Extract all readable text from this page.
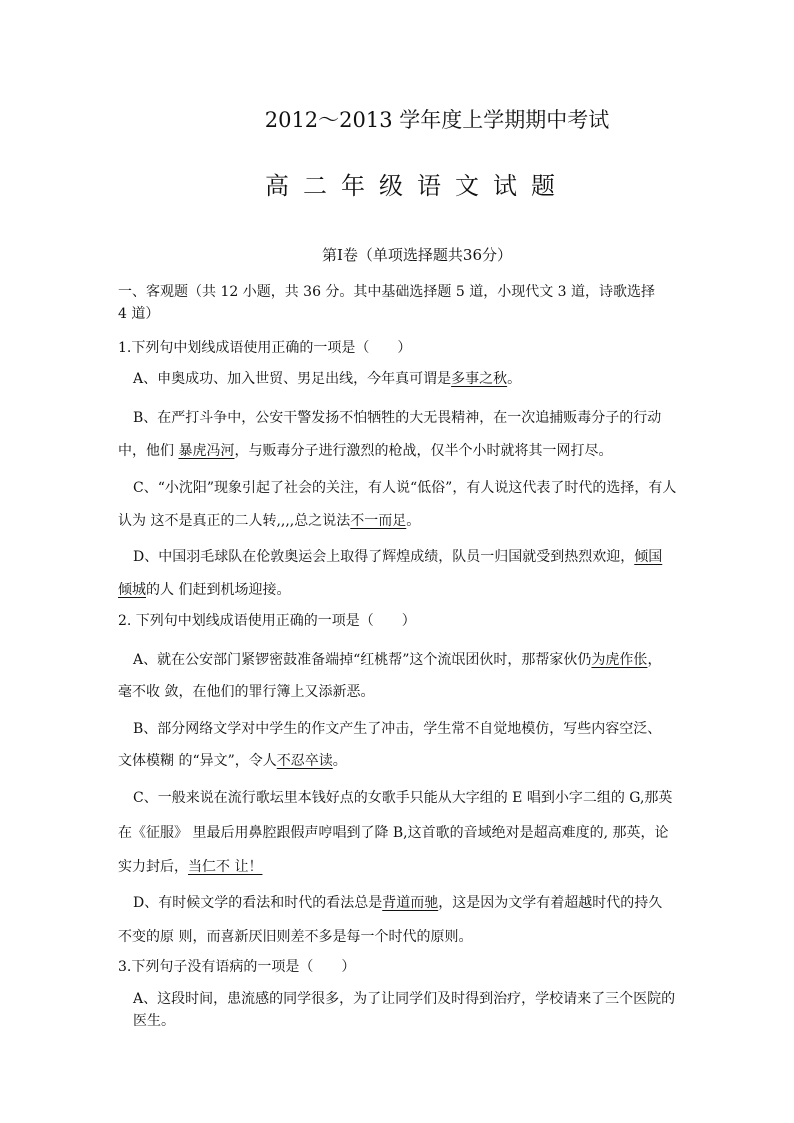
2012～2013 学年度上学期期中考试
高二年级语文试题
第Ⅰ卷（单项选择题共36分）
一、客观题（共 12 小题，共 36 分。其中基础选择题 5 道，小现代文 3 道，诗歌选择
4 道）
1.下列句中划线成语使用正确的一项是（　　）
A、申奥成功、加入世贸、男足出线，今年真可谓是多事之秋。
B、在严打斗争中，公安干警发扬不怕牺牲的大无畏精神，在一次追捕贩毒分子的行动
中，他们 暴虎冯河，与贩毒分子进行激烈的枪战，仅半个小时就将其一网打尽。
C、“小沈阳”现象引起了社会的关注，有人说“低俗”，有人说这代表了时代的选择，有人
认为 这不是真正的二人转,,,,总之说法不一而足。
D、中国羽毛球队在伦敦奥运会上取得了辉煌成绩，队员一归国就受到热烈欢迎，倾国
倾城的人 们赶到机场迎接。
2. 下列句中划线成语使用正确的一项是（　　）
A、就在公安部门紧锣密鼓准备端掉“红桃帮”这个流氓团伙时，那帮家伙仍为虎作伥，
毫不收 敛，在他们的罪行簿上又添新恶。
B、部分网络文学对中学生的作文产生了冲击，学生常不自觉地模仿，写些内容空泛、
文体模糊 的“异文”，令人不忍卒读。
C、一般来说在流行歌坛里本钱好点的女歌手只能从大字组的 E 唱到小字二组的 G,那英
在《征服》 里最后用鼻腔跟假声哼唱到了降 B,这首歌的音域绝对是超高难度的, 那英，论
实力封后，当仁不 让！
D、有时候文学的看法和时代的看法总是背道而驰，这是因为文学有着超越时代的持久
不变的原 则，而喜新厌旧则差不多是每一个时代的原则。
3.下列句子没有语病的一项是（　　）
A、这段时间，患流感的同学很多，为了让同学们及时得到治疗，学校请来了三个医院的
医生。
